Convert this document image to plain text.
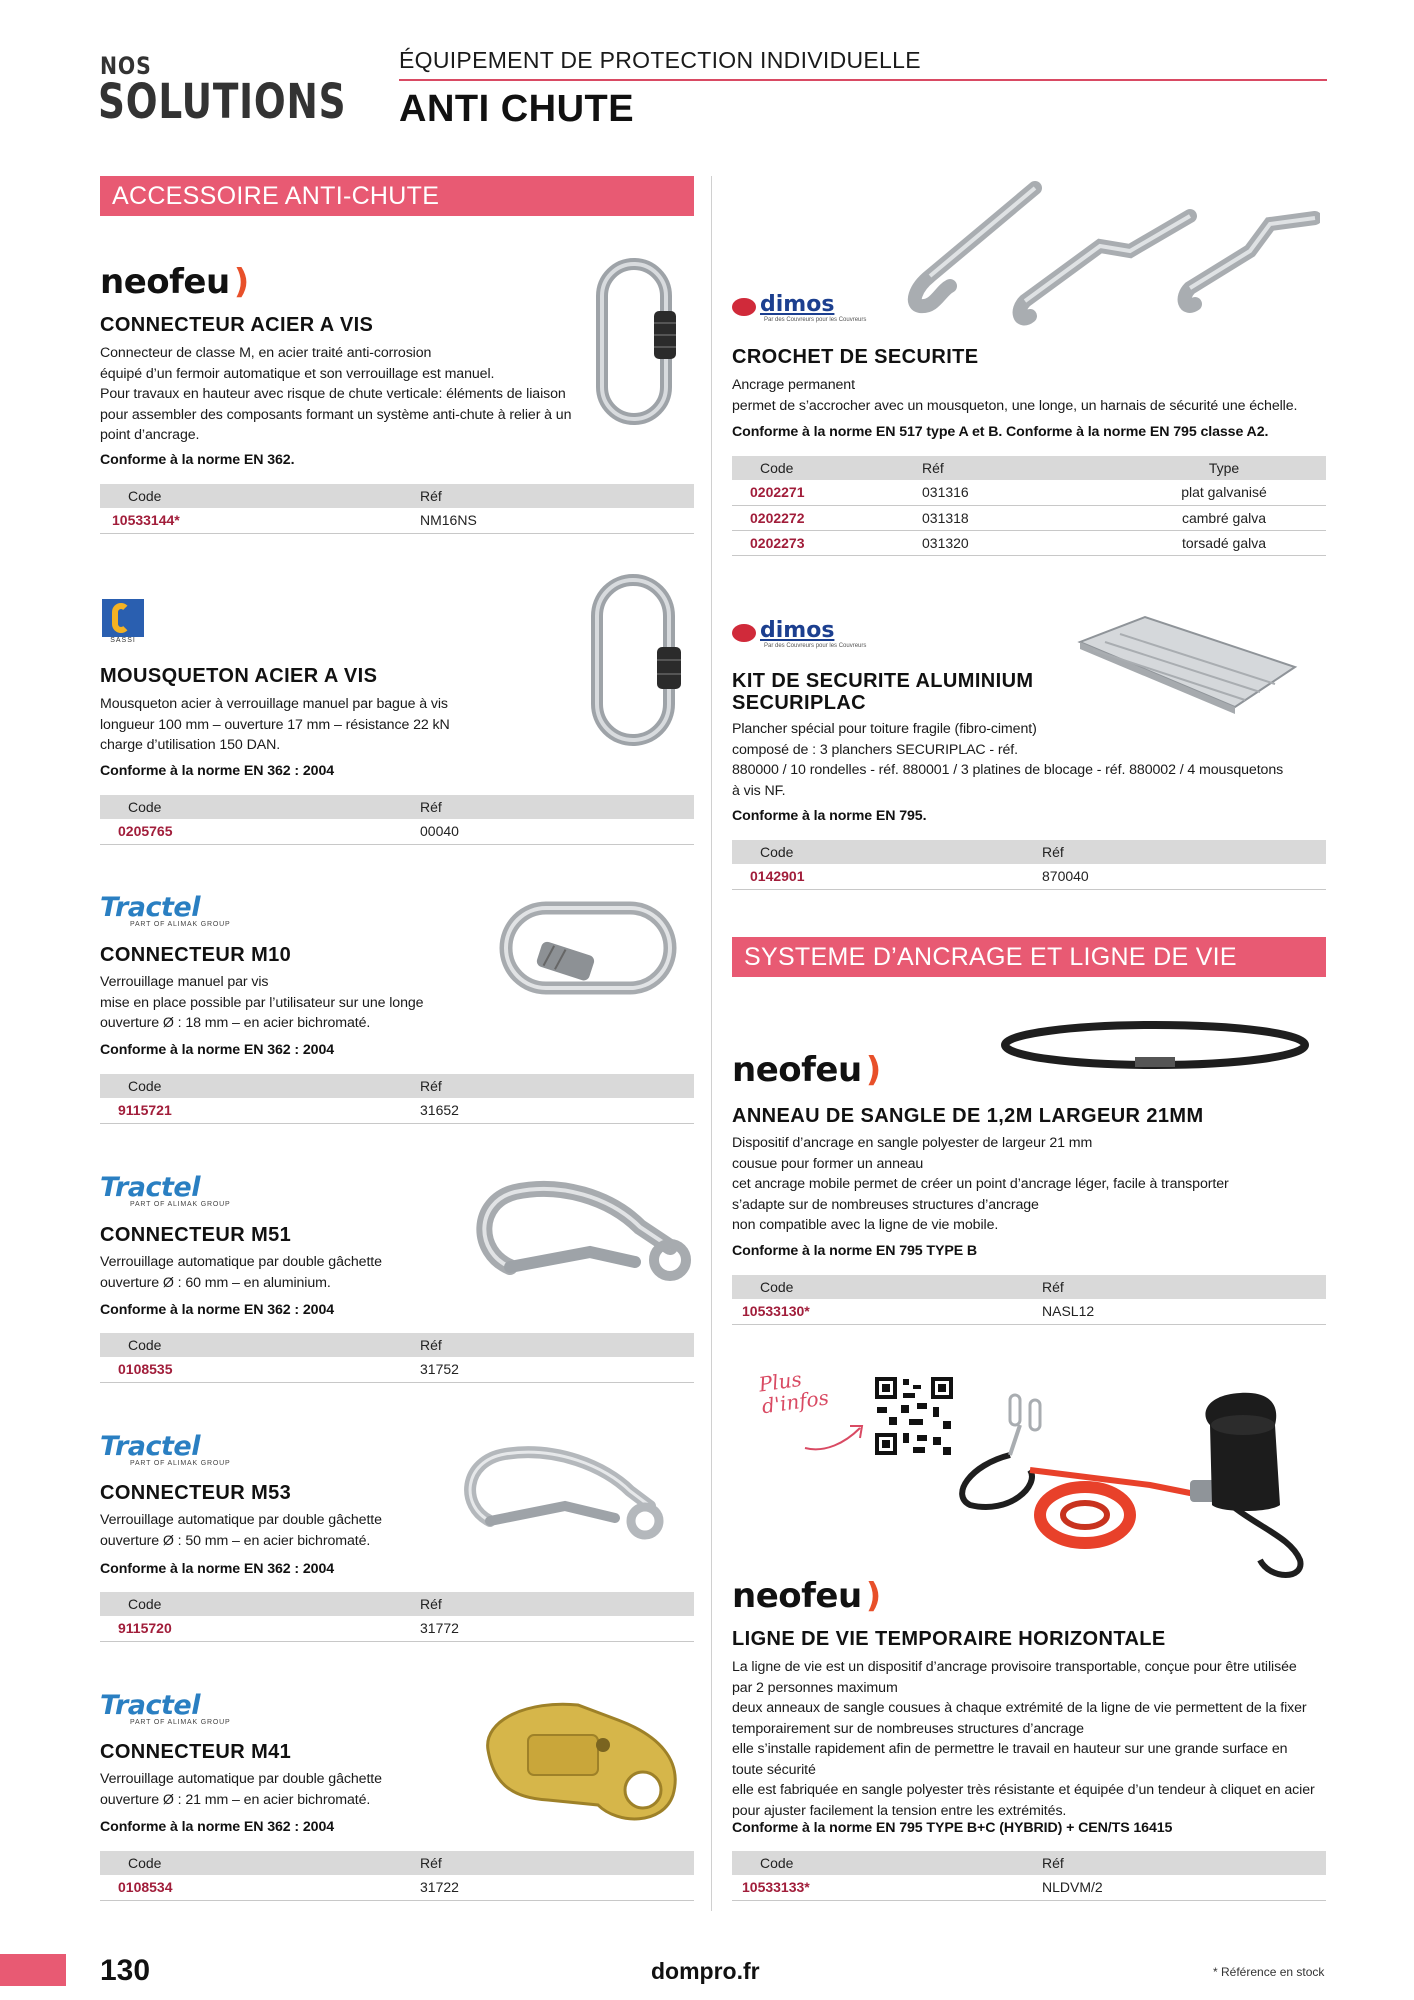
NOS
SOLUTIONS
ÉQUIPEMENT DE PROTECTION INDIVIDUELLE
ANTI CHUTE
ACCESSOIRE ANTI-CHUTE
SYSTEME D’ANCRAGE ET LIGNE DE VIE
neofeu )
CONNECTEUR ACIER A VIS
Connecteur de classe M, en acier traité anti-corrosion
équipé d’un fermoir automatique et son verrouillage est manuel.
Pour travaux en hauteur avec risque de chute verticale: éléments de liaison
pour assembler des composants formant un système anti-chute à relier à un
point d’ancrage.
Conforme à la norme EN 362.
Code	Réf
10533144*	NM16NS
SASSI
MOUSQUETON ACIER A VIS
Mousqueton acier à verrouillage manuel par bague à vis
longueur 100 mm – ouverture 17 mm – résistance 22 kN
charge d’utilisation 150 DAN.
Conforme à la norme EN 362 : 2004
Code	Réf
0205765	00040
Tractel
PART OF ALIMAK GROUP
CONNECTEUR M10
Verrouillage manuel par vis
mise en place possible par l’utilisateur sur une longe
ouverture Ø : 18 mm – en acier bichromaté.
Conforme à la norme EN 362 : 2004
Code	Réf
9115721	31652
Tractel
PART OF ALIMAK GROUP
CONNECTEUR M51
Verrouillage automatique par double gâchette
ouverture Ø : 60 mm – en aluminium.
Conforme à la norme EN 362 : 2004
Code	Réf
0108535	31752
Tractel
PART OF ALIMAK GROUP
CONNECTEUR M53
Verrouillage automatique par double gâchette
ouverture Ø : 50 mm – en acier bichromaté.
Conforme à la norme EN 362 : 2004
Code	Réf
9115720	31772
Tractel
PART OF ALIMAK GROUP
CONNECTEUR M41
Verrouillage automatique par double gâchette
ouverture Ø : 21 mm – en acier bichromaté.
Conforme à la norme EN 362 : 2004
Code	Réf
0108534	31722
dimos
Par des Couvreurs pour les Couvreurs
CROCHET DE SECURITE
Ancrage permanent
permet de s’accrocher avec un mousqueton, une longe, un harnais de sécurité une échelle.
Conforme à la norme EN 517 type A et B. Conforme à la norme EN 795 classe A2.
Code	Réf	Type
0202271	031316	plat galvanisé
0202272	031318	cambré galva
0202273	031320	torsadé galva
dimos
Par des Couvreurs pour les Couvreurs
KIT DE SECURITE ALUMINIUM
SECURIPLAC
Plancher spécial pour toiture fragile (fibro-ciment)
composé de : 3 planchers SECURIPLAC - réf.
880000 / 10 rondelles - réf. 880001 / 3 platines de blocage - réf. 880002 / 4 mousquetons
à vis NF.
Conforme à la norme EN 795.
Code	Réf
0142901	870040
neofeu )
ANNEAU DE SANGLE DE 1,2M LARGEUR 21MM
Dispositif d’ancrage en sangle polyester de largeur 21 mm
cousue pour former un anneau
cet ancrage mobile permet de créer un point d’ancrage léger, facile à transporter
s’adapte sur de nombreuses structures d’ancrage
non compatible avec la ligne de vie mobile.
Conforme à la norme EN 795 TYPE B
Code	Réf
10533130*	NASL12
Plus d'infos
neofeu )
LIGNE DE VIE TEMPORAIRE HORIZONTALE
La ligne de vie est un dispositif d’ancrage provisoire transportable, conçue pour être utilisée
par 2 personnes maximum
deux anneaux de sangle cousues à chaque extrémité de la ligne de vie permettent de la fixer
temporairement sur de nombreuses structures d’ancrage
elle s’installe rapidement afin de permettre le travail en hauteur sur une grande surface en
toute sécurité
elle est fabriquée en sangle polyester très résistante et équipée d’un tendeur à cliquet en acier
pour ajuster facilement la tension entre les extrémités.
Conforme à la norme EN 795 TYPE B+C (HYBRID) + CEN/TS 16415
Code	Réf
10533133*	NLDVM/2
130	dompro.fr	* Référence en stock
